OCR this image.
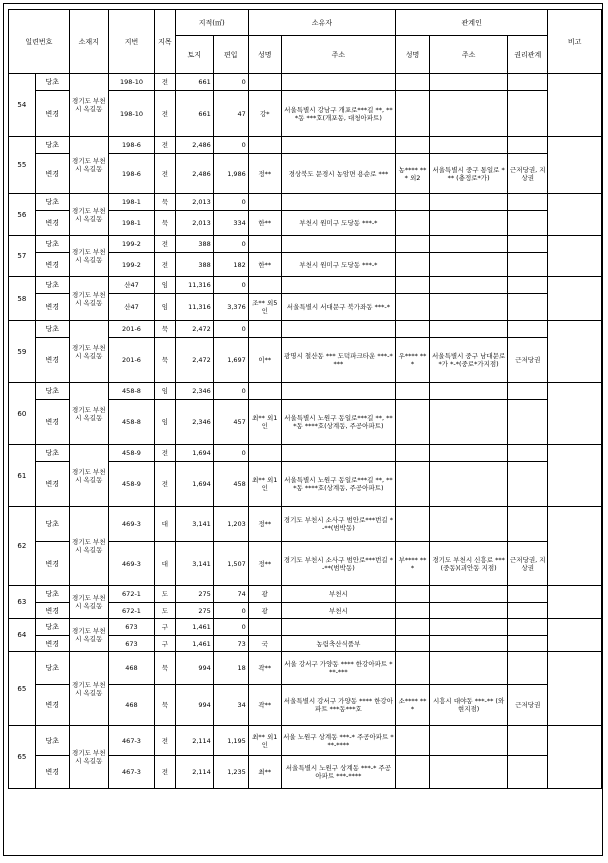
일련번호		소재지	지번	지목	지적(㎡)		소유자		관계인			비고
					토지	편입	성명	주소	성명	주소	권리관계	
54	당초	경기도 부천시 옥길동	198-10	전	661	0						
	변경		198-10	전	661	47	강*	서울특별시 강남구 개포로***길 **, ***동 ***호(개포동, 대청아파트)				
55	당초	경기도 부천시 옥길동	198-6	전	2,486	0						
	변경		198-6	전	2,486	1,986	정**	경상북도 문경시 농암면 용순로 ***	농**** *** 외2	서울특별시 중구 통일로 *** (충정로*가)	근저당권, 지상권	
56	당초	경기도 부천시 옥길동	198-1	묵	2,013	0						
	변경		198-1	묵	2,013	334	한**	부천시 원미구 도당동 ***-*				
57	당초	경기도 부천시 옥길동	199-2	전	388	0						
	변경		199-2	전	388	182	한**	부천시 원미구 도당동 ***-*				
58	당초	경기도 부천시 옥길동	산47	임	11,316	0						
	변경		산47	임	11,316	3,376	조** 외5인	서울특별시 서대문구 북가좌동 ***-*				
59	당초	경기도 부천시 옥길동	201-6	묵	2,472	0						
	변경		201-6	묵	2,472	1,697	이**	광명시 철산동 *** 도덕파크타운 ***-****	우**** ***	서울특별시 중구 남대문로*가 *-*(중로*가지점)	근저당권	
60	당초	경기도 부천시 옥길동	458-8	임	2,346	0						
	변경		458-8	임	2,346	457	최** 외1인	서울특별시 노원구 동일로***길 **, ***동 ****호(상계동, 주공아파트)				
61	당초	경기도 부천시 옥길동	458-9	전	1,694	0						
	변경		458-9	전	1,694	458	최** 외1인	서울특별시 노원구 동일로***길 **, ***동 ****호(상계동, 주공아파트)				
62	당초	경기도 부천시 옥길동	469-3	대	3,141	1,203	정**	경기도 부천시 소사구 범안로***번길 *-**(범박동)				
	변경		469-3	대	3,141	1,507	정**	경기도 부천시 소사구 범안로***번길 *-**(범박동)	부**** ***	경기도 부천시 신흥로 ***(중동)(괴안동 지점)	근저당권, 지상권	
63	당초	경기도 부천시 옥길동	672-1	도	275	74	광	부천시				
	변경		672-1	도	275	0	광	부천시				
64	당초	경기도 부천시 옥길동	673	구	1,461	0						
	변경		673	구	1,461	73	국	농림축산식품부				
65	당초	경기도 부천시 옥길동	468	묵	994	18	곽**	서울 강서구 가양동 **** 한강아파트 ***-***				
	변경		468	묵	994	34	곽**	서울특별시 강서구 가양동 **** 한강아파트 ***동***호	소**** ***	시흥시 대야동 ***-** (와현지점)	근저당권	
65	당초	경기도 부천시 옥길동	467-3	전	2,114	1,195	최** 외1인	서울 노원구 상계동 ***-* 주공아파트 ***-****				
	변경		467-3	전	2,114	1,235	최**	서울특별시 노원구 상계동 ***-* 주공아파트 ***-****				
